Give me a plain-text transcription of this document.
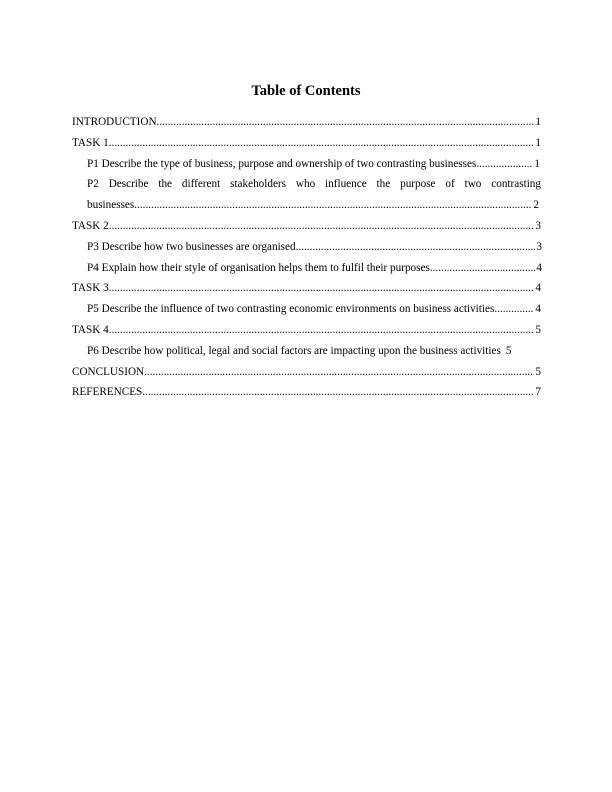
Table of Contents
INTRODUCTION .....	1
TASK 1 .....	1
P1 Describe the type of business, purpose and ownership of two contrasting businesses .....	1
P2 Describe the different stakeholders who influence the purpose of two contrasting
businesses .....	2
TASK 2 .....	3
P3 Describe how two businesses are organised .....	3
P4 Explain how their style of organisation helps them to fulfil their purposes .....	4
TASK 3 .....	4
P5 Describe the influence of two contrasting economic environments on business activities .....	4
TASK 4 .....	5
P6 Describe how political, legal and social factors are impacting upon the business activities 5
CONCLUSION .....	5
REFERENCES .....	7
